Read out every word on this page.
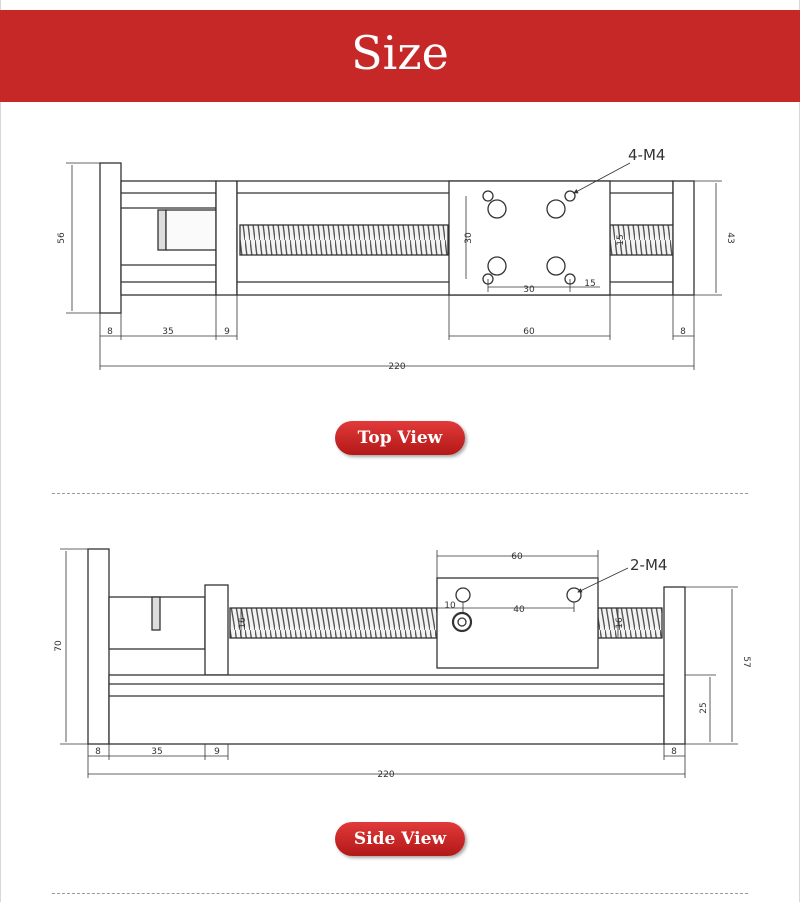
Size
56	43
8	35	9	60	8
220
30
30
15
15
4-M4
Top View
70
57
25
60
10	40
8	35	9	8
220
16	16
2-M4
Side View
